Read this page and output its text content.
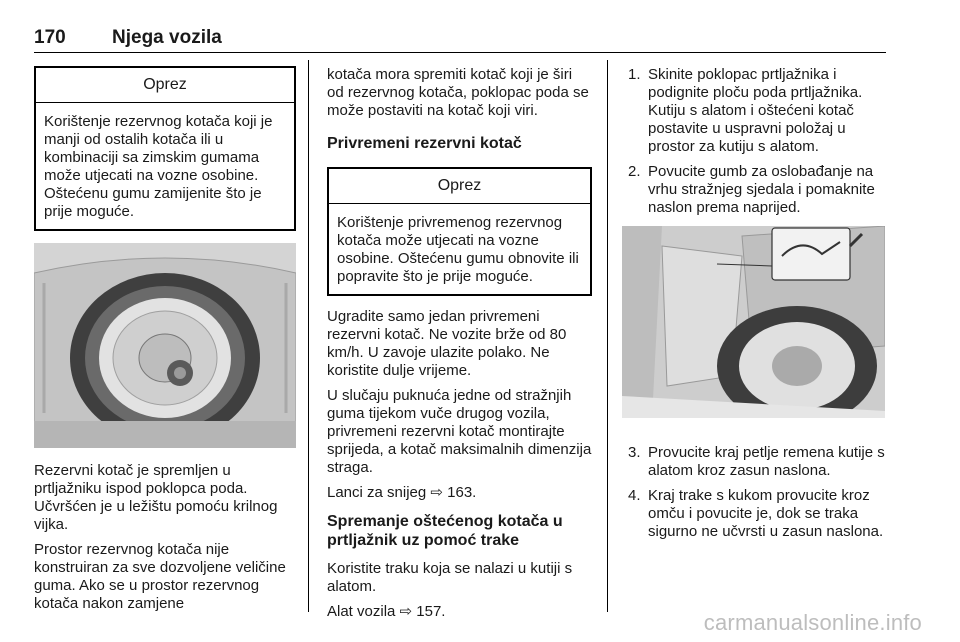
170 Njega vozila
Oprez
Korištenje rezervnog kotača koji je manji od ostalih kotača ili u kombinaciji sa zimskim gumama može utjecati na vozne osobine. Oštećenu gumu zamijenite što je prije moguće.

Rezervni kotač je spremljen u prtljažniku ispod poklopca poda. Učvršćen je u ležištu pomoću krilnog vijka.

Prostor rezervnog kotača nije konstruiran za sve dozvoljene veličine guma. Ako se u prostor rezervnog kotača nakon zamjene

kotača mora spremiti kotač koji je širi od rezervnog kotača, poklopac poda se može postaviti na kotač koji viri.

Privremeni rezervni kotač
Oprez
Korištenje privremenog rezervnog kotača može utjecati na vozne osobine. Oštećenu gumu obnovite ili popravite što je prije moguće.

Ugradite samo jedan privremeni rezervni kotač. Ne vozite brže od 80 km/h. U zavoje ulazite polako. Ne koristite dulje vrijeme.

U slučaju puknuća jedne od stražnjih guma tijekom vuče drugog vozila, privremeni rezervni kotač montirajte sprijeda, a kotač maksimalnih dimenzija straga.

Lanci za snijeg ⇨ 163.

Spremanje oštećenog kotača u prtljažnik uz pomoć trake

Koristite traku koja se nalazi u kutiji s alatom.

Alat vozila ⇨ 157.

1. Skinite poklopac prtljažnika i podignite ploču poda prtljažnika. Kutiju s alatom i oštećeni kotač postavite u uspravni položaj u prostor za kutiju s alatom.
2. Povucite gumb za oslobađanje na vrhu stražnjeg sjedala i pomaknite naslon prema naprijed.
3. Provucite kraj petlje remena kutije s alatom kroz zasun naslona.
4. Kraj trake s kukom provucite kroz omču i povucite je, dok se traka sigurno ne učvrsti u zasun naslona.
carmanualsonline.info
